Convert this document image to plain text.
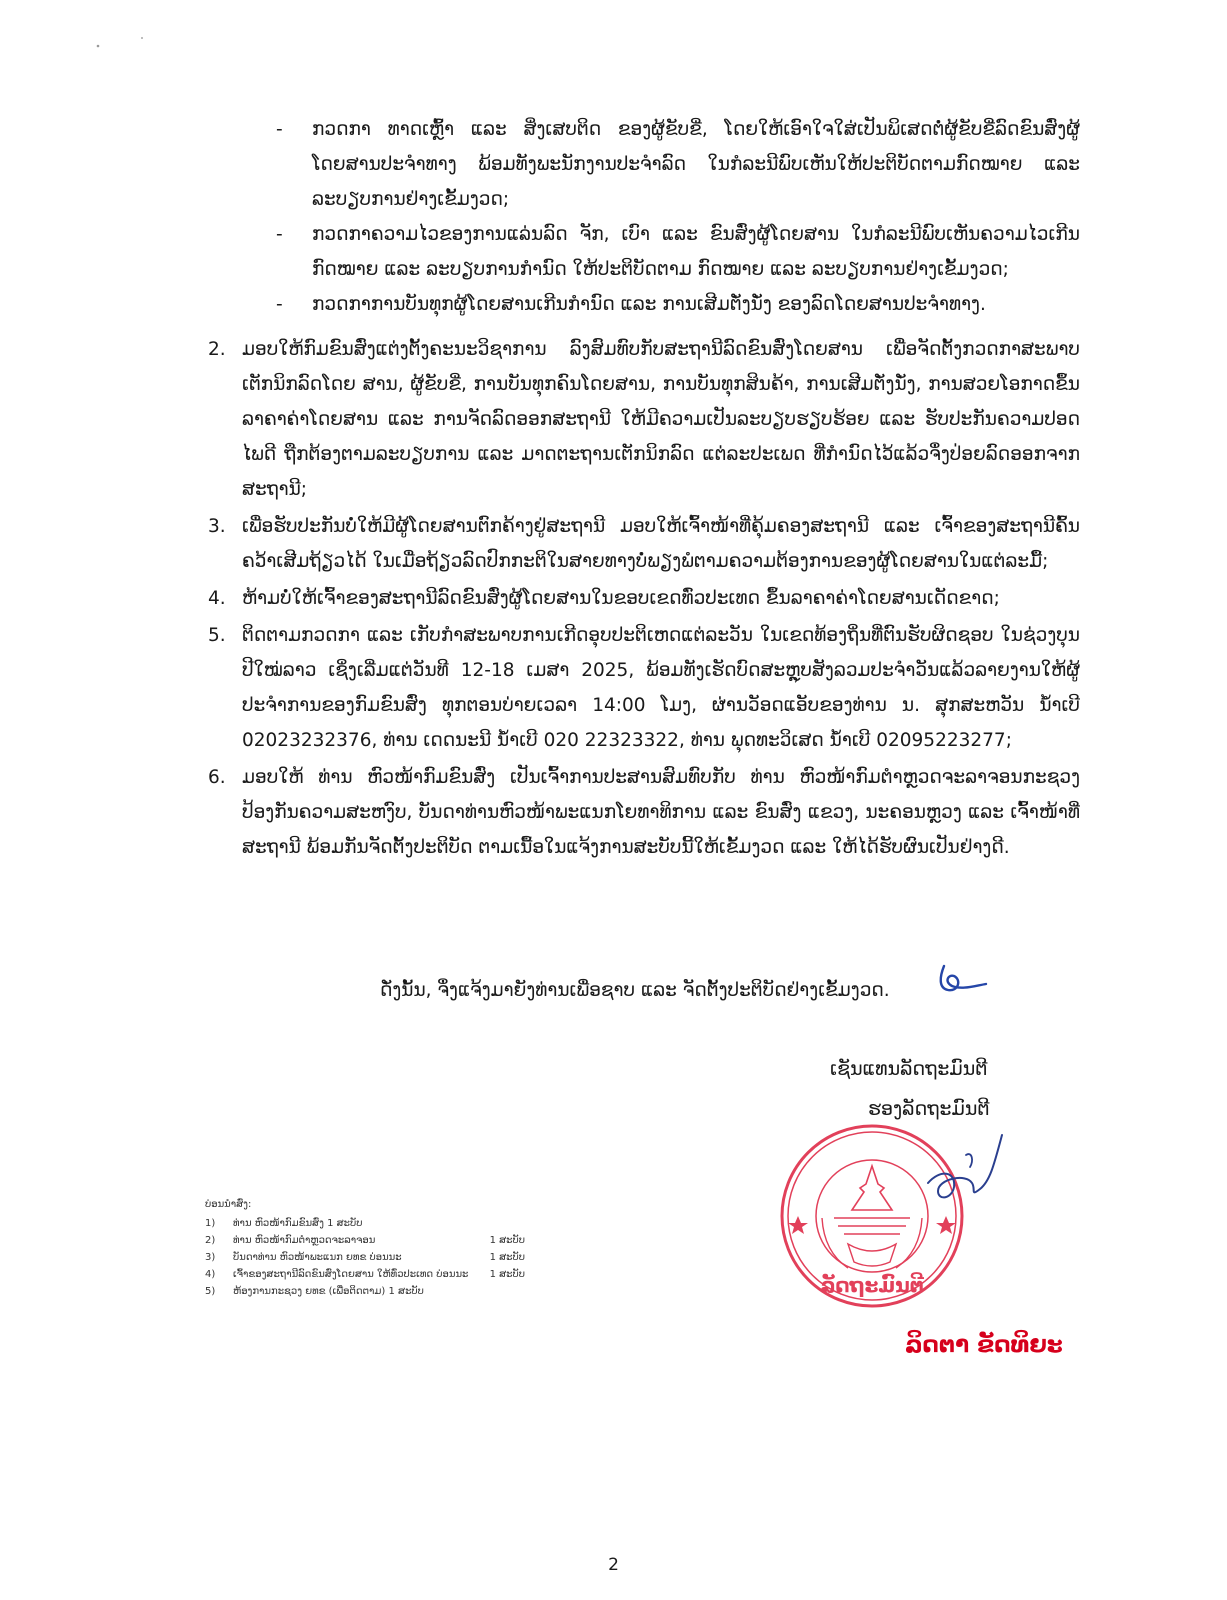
- ກວດກາ ທາດເຫຼົ້າ ແລະ ສິ່ງເສບຕິດ ຂອງຜູ້ຂັບຂີ່, ໂດຍໃຫ້ເອົາໃຈໃສ່ເປັນພິເສດຕໍ່ຜູ້ຂັບຂີ່ລົດຂົນສົ່ງຜູ້ໂດຍສານປະຈຳທາງ ພ້ອມທັງພະນັກງານປະຈຳລົດ ໃນກໍລະນີພົບເຫັນໃຫ້ປະຕິບັດຕາມກົດໝາຍ ແລະ ລະບຽບການຢ່າງເຂັ້ມງວດ;
- ກວດກາຄວາມໄວຂອງການແລ່ນລົດ ຈັກ, ເບົາ ແລະ ຂົນສົ່ງຜູ້ໂດຍສານ ໃນກໍລະນີພົບເຫັນຄວາມໄວເກີນກົດໝາຍ ແລະ ລະບຽບການກຳນົດ ໃຫ້ປະຕິບັດຕາມ ກົດໝາຍ ແລະ ລະບຽບການຢ່າງເຂັ້ມງວດ;
- ກວດກາການບັນທຸກຜູ້ໂດຍສານເກີນກຳນົດ ແລະ ການເສີມຕັ່ງນັ່ງ ຂອງລົດໂດຍສານປະຈຳທາງ.
2. ມອບໃຫ້ກົມຂົນສົ່ງແຕ່ງຕັ້ງຄະນະວິຊາການ ລົງສົມທົບກັບສະຖານີລົດຂົນສົ່ງໂດຍສານ ເພື່ອຈັດຕັ້ງກວດກາສະພາບເຕັກນິກລົດໂດຍ ສານ, ຜູ້ຂັບຂີ່, ການບັນທຸກຄົນໂດຍສານ, ການບັນທຸກສິນຄ້າ, ການເສີມຕັ່ງນັ່ງ, ການສວຍໂອກາດຂຶ້ນລາຄາຄ່າໂດຍສານ ແລະ ການຈັດລົດອອກສະຖານີ ໃຫ້ມີຄວາມເປັນລະບຽບຮຽບຮ້ອຍ ແລະ ຮັບປະກັນຄວາມປອດໄພດີ ຖືກຕ້ອງຕາມລະບຽບການ ແລະ ມາດຕະຖານເຕັກນິກລົດ ແຕ່ລະປະເພດ ທີ່ກຳນົດໄວ້ແລ້ວຈຶ່ງປ່ອຍລົດອອກຈາກສະຖານີ;
3. ເພື່ອຮັບປະກັນບໍ່ໃຫ້ມີຜູ້ໂດຍສານຕົກຄ້າງຢູ່ສະຖານີ ມອບໃຫ້ເຈົ້າໜ້າທີ່ຄຸ້ມຄອງສະຖານີ ແລະ ເຈົ້າຂອງສະຖານີຄົ້ນຄວ້າເສີມຖ້ຽວໄດ້ ໃນເມື່ອຖ້ຽວລົດປົກກະຕິໃນສາຍທາງບໍ່ພຽງພໍຕາມຄວາມຕ້ອງການຂອງຜູ້ໂດຍສານໃນແຕ່ລະມື້;
4. ຫ້າມບໍ່ໃຫ້ເຈົ້າຂອງສະຖານີລົດຂົນສົ່ງຜູ້ໂດຍສານໃນຂອບເຂດທົ່ວປະເທດ ຂຶ້ນລາຄາຄ່າໂດຍສານເດັດຂາດ;
5. ຕິດຕາມກວດກາ ແລະ ເກັບກຳສະພາບການເກີດອຸບປະຕິເຫດແຕ່ລະວັນ ໃນເຂດທ້ອງຖິ່ນທີ່ຕົນຮັບຜິດຊອບ ໃນຊ່ວງບຸນປີໃໝ່ລາວ ເຊິ່ງເລີ່ມແຕ່ວັນທີ 12-18 ເມສາ 2025, ພ້ອມທັງເຮັດບົດສະຫຼຸບສັງລວມປະຈຳວັນແລ້ວລາຍງານໃຫ້ຜູ້ປະຈຳການຂອງກົມຂົນສົ່ງ ທຸກຕອນບ່າຍເວລາ 14:00 ໂມງ, ຜ່ານວັອດແອັບຂອງທ່ານ ນ. ສຸກສະຫວັນ ນ້ຳເບີ 02023232376, ທ່ານ ເດດນະນີ ນ້ຳເບີ 020 22323322, ທ່ານ ພຸດທະວິເສດ ນ້ຳເບີ 02095223277;
6. ມອບໃຫ້ ທ່ານ ຫົວໜ້າກົມຂົນສົ່ງ ເປັນເຈົ້າການປະສານສົມທົບກັບ ທ່ານ ຫົວໜ້າກົມຕຳຫຼວດຈະລາຈອນກະຊວງປ້ອງກັນຄວາມສະຫງົບ, ບັນດາທ່ານຫົວໜ້າພະແນກໂຍທາທິການ ແລະ ຂົນສົ່ງ ແຂວງ, ນະຄອນຫຼວງ ແລະ ເຈົ້າໜ້າທີ່ສະຖານີ ພ້ອມກັນຈັດຕັ້ງປະຕິບັດ ຕາມເນື້ອໃນແຈ້ງການສະບັບນີ້ໃຫ້ເຂັ້ມງວດ ແລະ ໃຫ້ໄດ້ຮັບຜົນເປັນຢ່າງດີ.
ດັ່ງນັ້ນ, ຈຶ່ງແຈ້ງມາຍັງທ່ານເພື່ອຊາບ ແລະ ຈັດຕັ້ງປະຕິບັດຢ່າງເຂັ້ມງວດ.
ເຊັນແທນລັດຖະມົນຕີ
ຮອງລັດຖະມົນຕີ
ລັດຖະມົນຕີ
ລິດຕາ ຂັດທິຍະ
ບ່ອນນຳສົ່ງ:
1) ທ່ານ ຫົວໜ້າກົມຂົນສົ່ງ 1 ສະບັບ
2) ທ່ານ ຫົວໜ້າກົມຕຳຫຼວດຈະລາຈອນ	1 ສະບັບ
3) ບັນດາທ່ານ ຫົວໜ້າພະແນກ ຍທຂ ບ່ອນນະ	1 ສະບັບ
4) ເຈົ້າຂອງສະຖານີລົດຂົນສົ່ງໂດຍສານ ໃຫ້ທົ່ວປະເທດ ບ່ອນນະ 1 ສະບັບ
5) ຫ້ອງການກະຊວງ ຍທຂ (ເພື່ອຕິດຕາມ) 1 ສະບັບ
2
